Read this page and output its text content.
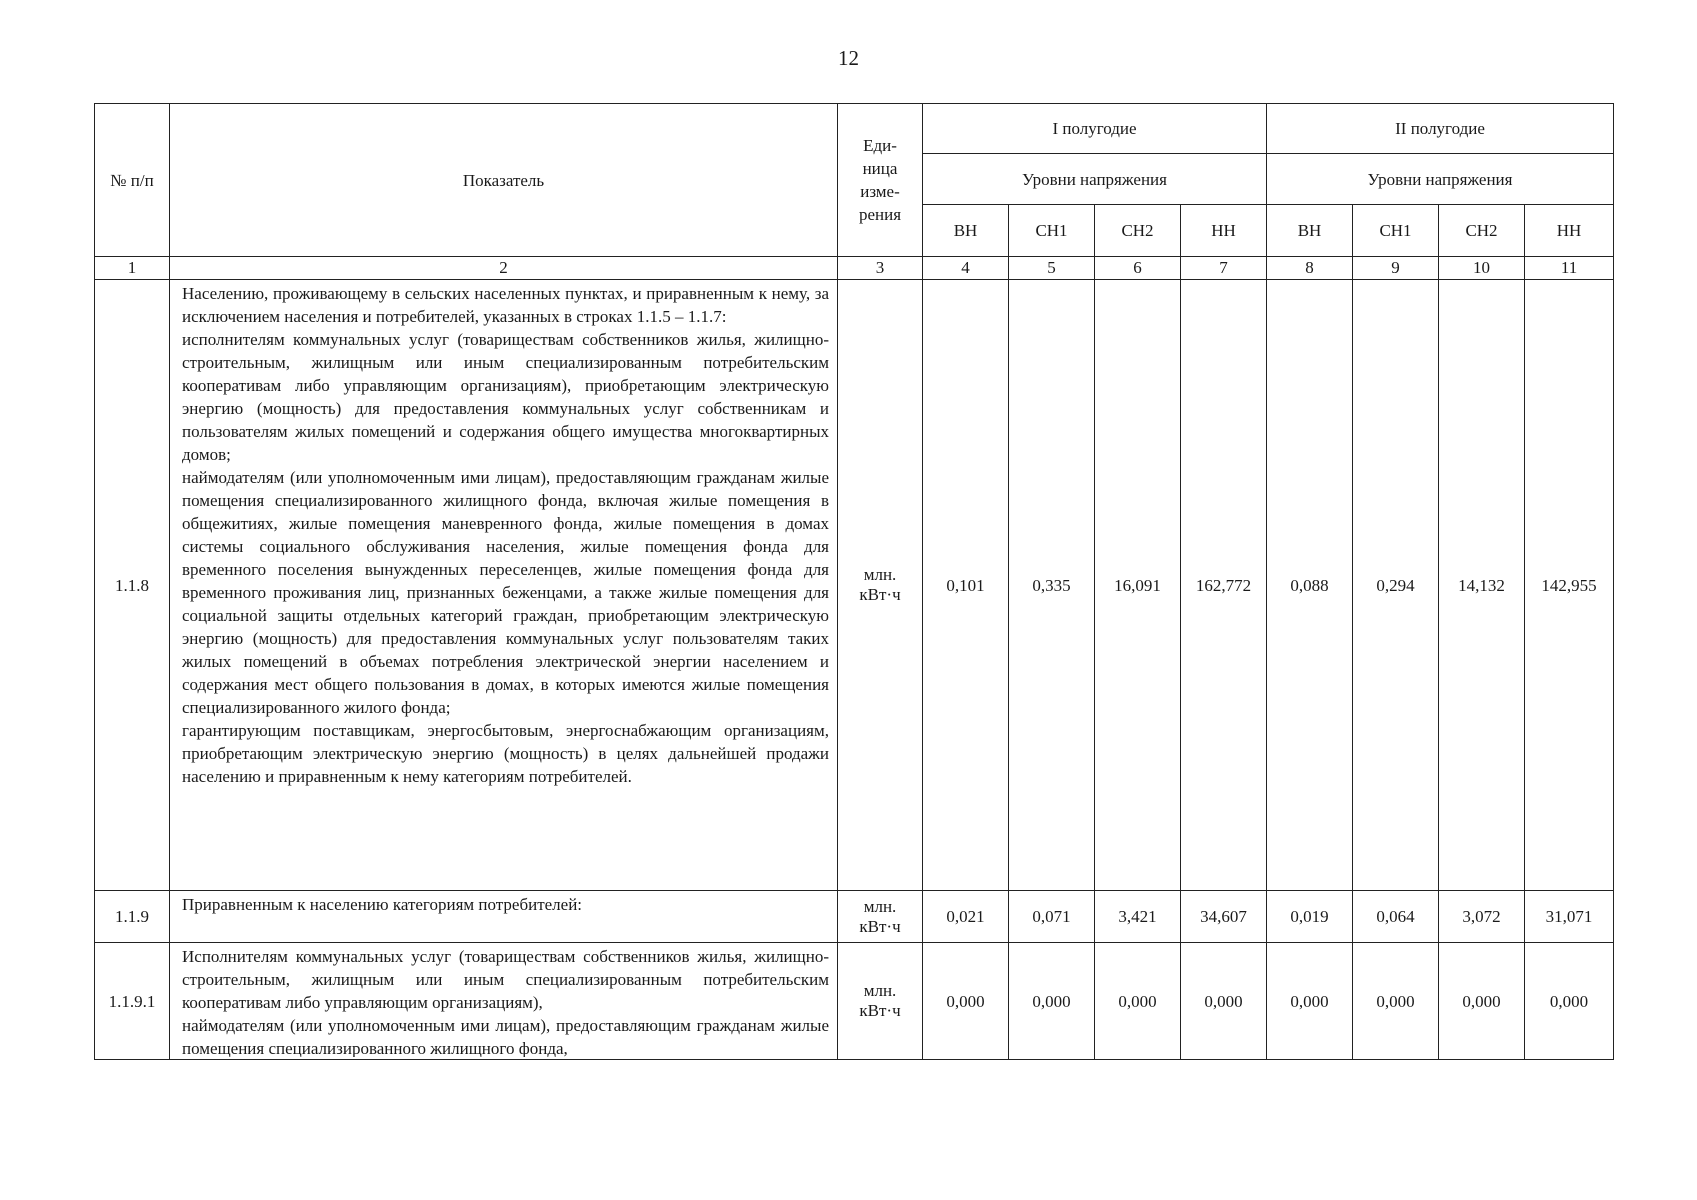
12
№ п/п	Показатель	Еди-
ница
изме-
рения	I полугодие				II полугодие			
			Уровни напряжения				Уровни напряжения			
			ВН	СН1	СН2	НН	ВН	СН1	СН2	НН
1	2	3	4	5	6	7	8	9	10	11
1.1.8	Населению, проживающему в сельских населенных пунктах, и приравненным к нему, за исключением населения и потребителей, указанных в строках 1.1.5 – 1.1.7:
исполнителям коммунальных услуг (товариществам собственников жилья, жилищно-строительным, жилищным или иным специализированным потребительским кооперативам либо управляющим организациям), приобретающим электрическую энергию (мощность) для предоставления коммунальных услуг собственникам и пользователям жилых помещений и содержания общего имущества многоквартирных домов;
наймодателям (или уполномоченным ими лицам), предоставляющим гражданам жилые помещения специализированного жилищного фонда, включая жилые помещения в общежитиях, жилые помещения маневренного фонда, жилые помещения в домах системы социального обслуживания населения, жилые помещения фонда для временного поселения вынужденных переселенцев, жилые помещения фонда для временного проживания лиц, признанных беженцами, а также жилые помещения для социальной защиты отдельных категорий граждан, приобретающим электрическую энергию (мощность) для предоставления коммунальных услуг пользователям таких жилых помещений в объемах потребления электрической энергии населением и содержания мест общего пользования в домах, в которых имеются жилые помещения специализированного жилого фонда;
гарантирующим поставщикам, энергосбытовым, энергоснабжающим организациям, приобретающим электрическую энергию (мощность) в целях дальнейшей продажи населению и приравненным к нему категориям потребителей.	млн.
кВт·ч	0,101	0,335	16,091	162,772	0,088	0,294	14,132	142,955
1.1.9	Приравненным к населению категориям потребителей:	млн.
кВт·ч	0,021	0,071	3,421	34,607	0,019	0,064	3,072	31,071
1.1.9.1	Исполнителям коммунальных услуг (товариществам собственников жилья, жилищно-строительным, жилищным или иным специализированным потребительским кооперативам либо управляющим организациям),
наймодателям (или уполномоченным ими лицам), предоставляющим гражданам жилые помещения специализированного жилищного фонда,	млн.
кВт·ч	0,000	0,000	0,000	0,000	0,000	0,000	0,000	0,000
